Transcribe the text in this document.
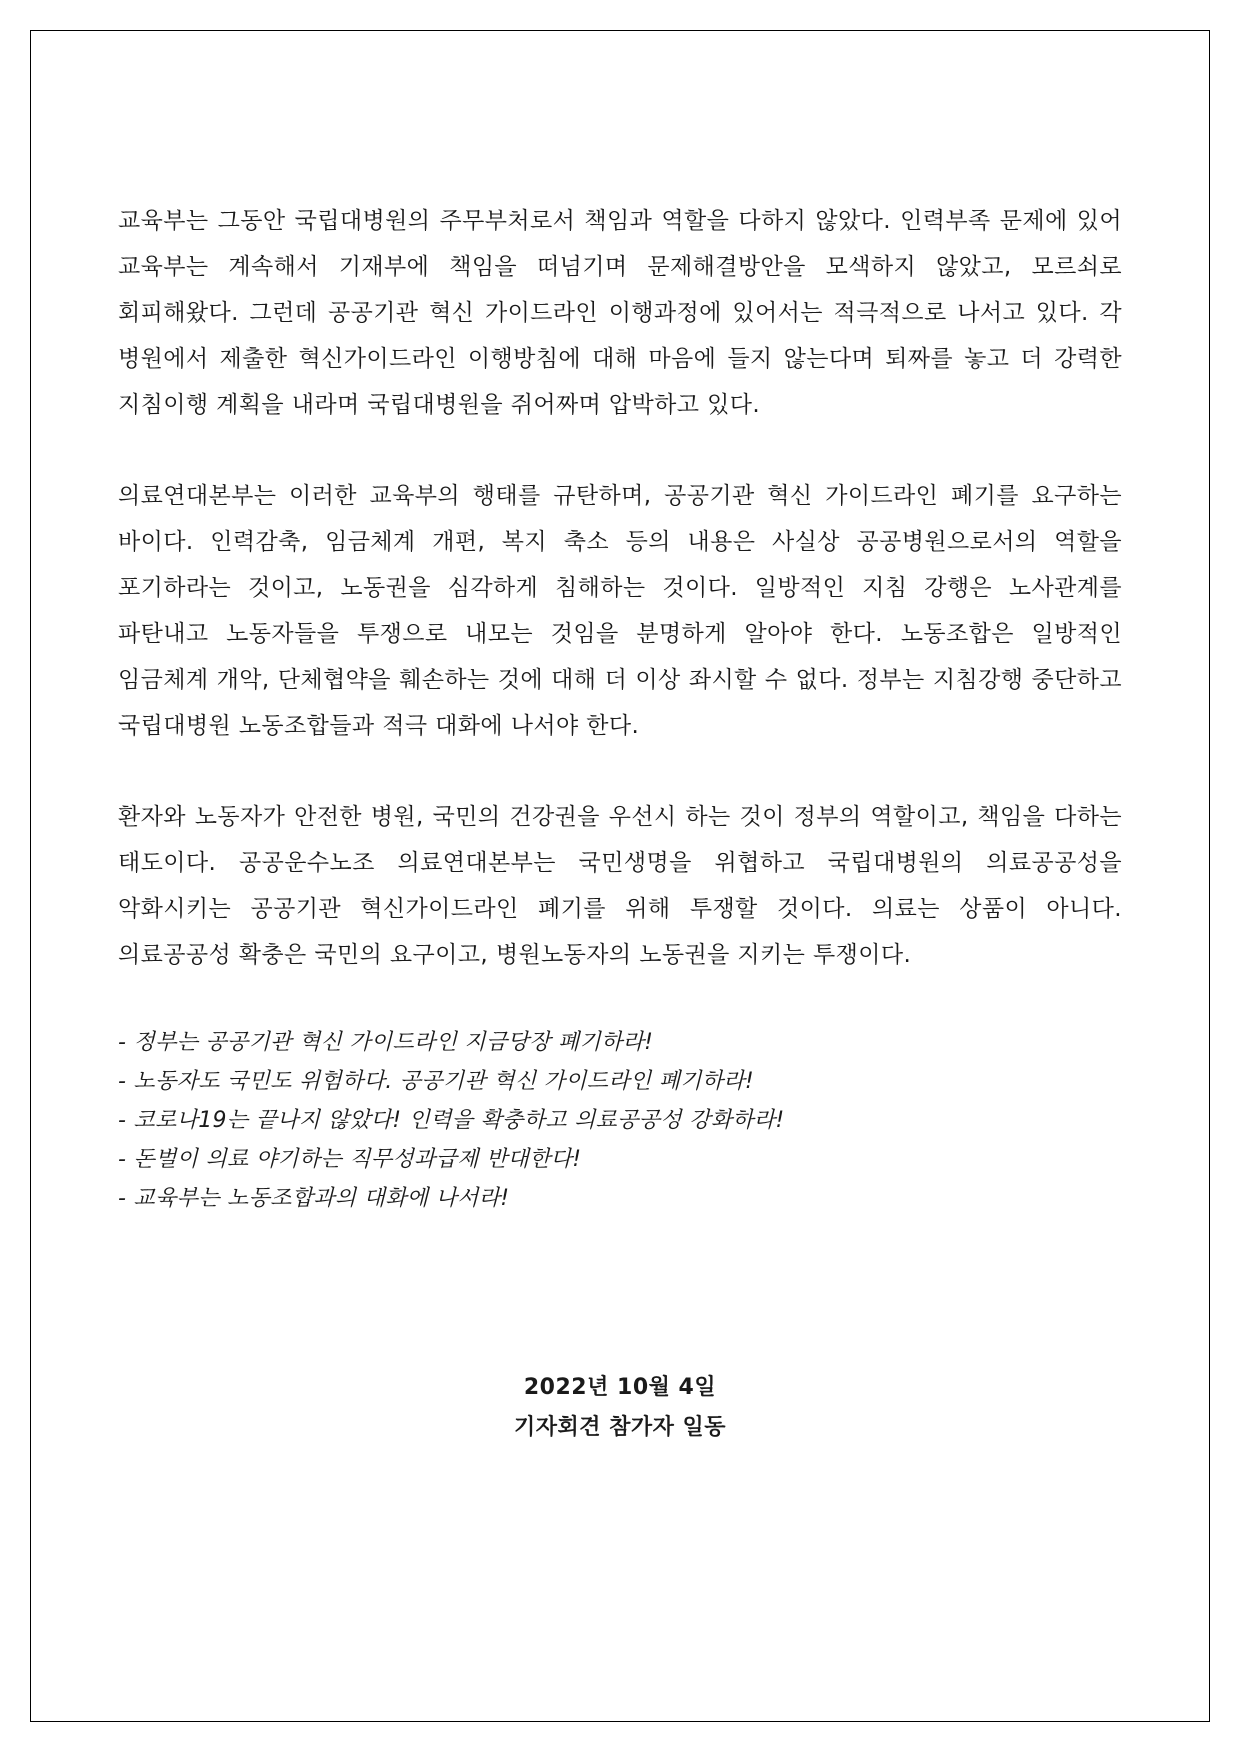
교육부는 그동안 국립대병원의 주무부처로서 책임과 역할을 다하지 않았다. 인력부족 문제에 있어 교육부는 계속해서 기재부에 책임을 떠넘기며 문제해결방안을 모색하지 않았고, 모르쇠로 회피해왔다. 그런데 공공기관 혁신 가이드라인 이행과정에 있어서는 적극적으로 나서고 있다. 각 병원에서 제출한 혁신가이드라인 이행방침에 대해 마음에 들지 않는다며 퇴짜를 놓고 더 강력한 지침이행 계획을 내라며 국립대병원을 쥐어짜며 압박하고 있다.

의료연대본부는 이러한 교육부의 행태를 규탄하며, 공공기관 혁신 가이드라인 폐기를 요구하는 바이다. 인력감축, 임금체계 개편, 복지 축소 등의 내용은 사실상 공공병원으로서의 역할을 포기하라는 것이고, 노동권을 심각하게 침해하는 것이다. 일방적인 지침 강행은 노사관계를 파탄내고 노동자들을 투쟁으로 내모는 것임을 분명하게 알아야 한다. 노동조합은 일방적인 임금체계 개악, 단체협약을 훼손하는 것에 대해 더 이상 좌시할 수 없다. 정부는 지침강행 중단하고 국립대병원 노동조합들과 적극 대화에 나서야 한다.

환자와 노동자가 안전한 병원, 국민의 건강권을 우선시 하는 것이 정부의 역할이고, 책임을 다하는 태도이다. 공공운수노조 의료연대본부는 국민생명을 위협하고 국립대병원의 의료공공성을 악화시키는 공공기관 혁신가이드라인 폐기를 위해 투쟁할 것이다. 의료는 상품이 아니다. 의료공공성 확충은 국민의 요구이고, 병원노동자의 노동권을 지키는 투쟁이다.

- 정부는 공공기관 혁신 가이드라인 지금당장 폐기하라!
- 노동자도 국민도 위험하다. 공공기관 혁신 가이드라인 폐기하라!
- 코로나19는 끝나지 않았다! 인력을 확충하고 의료공공성 강화하라!
- 돈벌이 의료 야기하는 직무성과급제 반대한다!
- 교육부는 노동조합과의 대화에 나서라!
2022년 10월 4일
기자회견 참가자 일동
